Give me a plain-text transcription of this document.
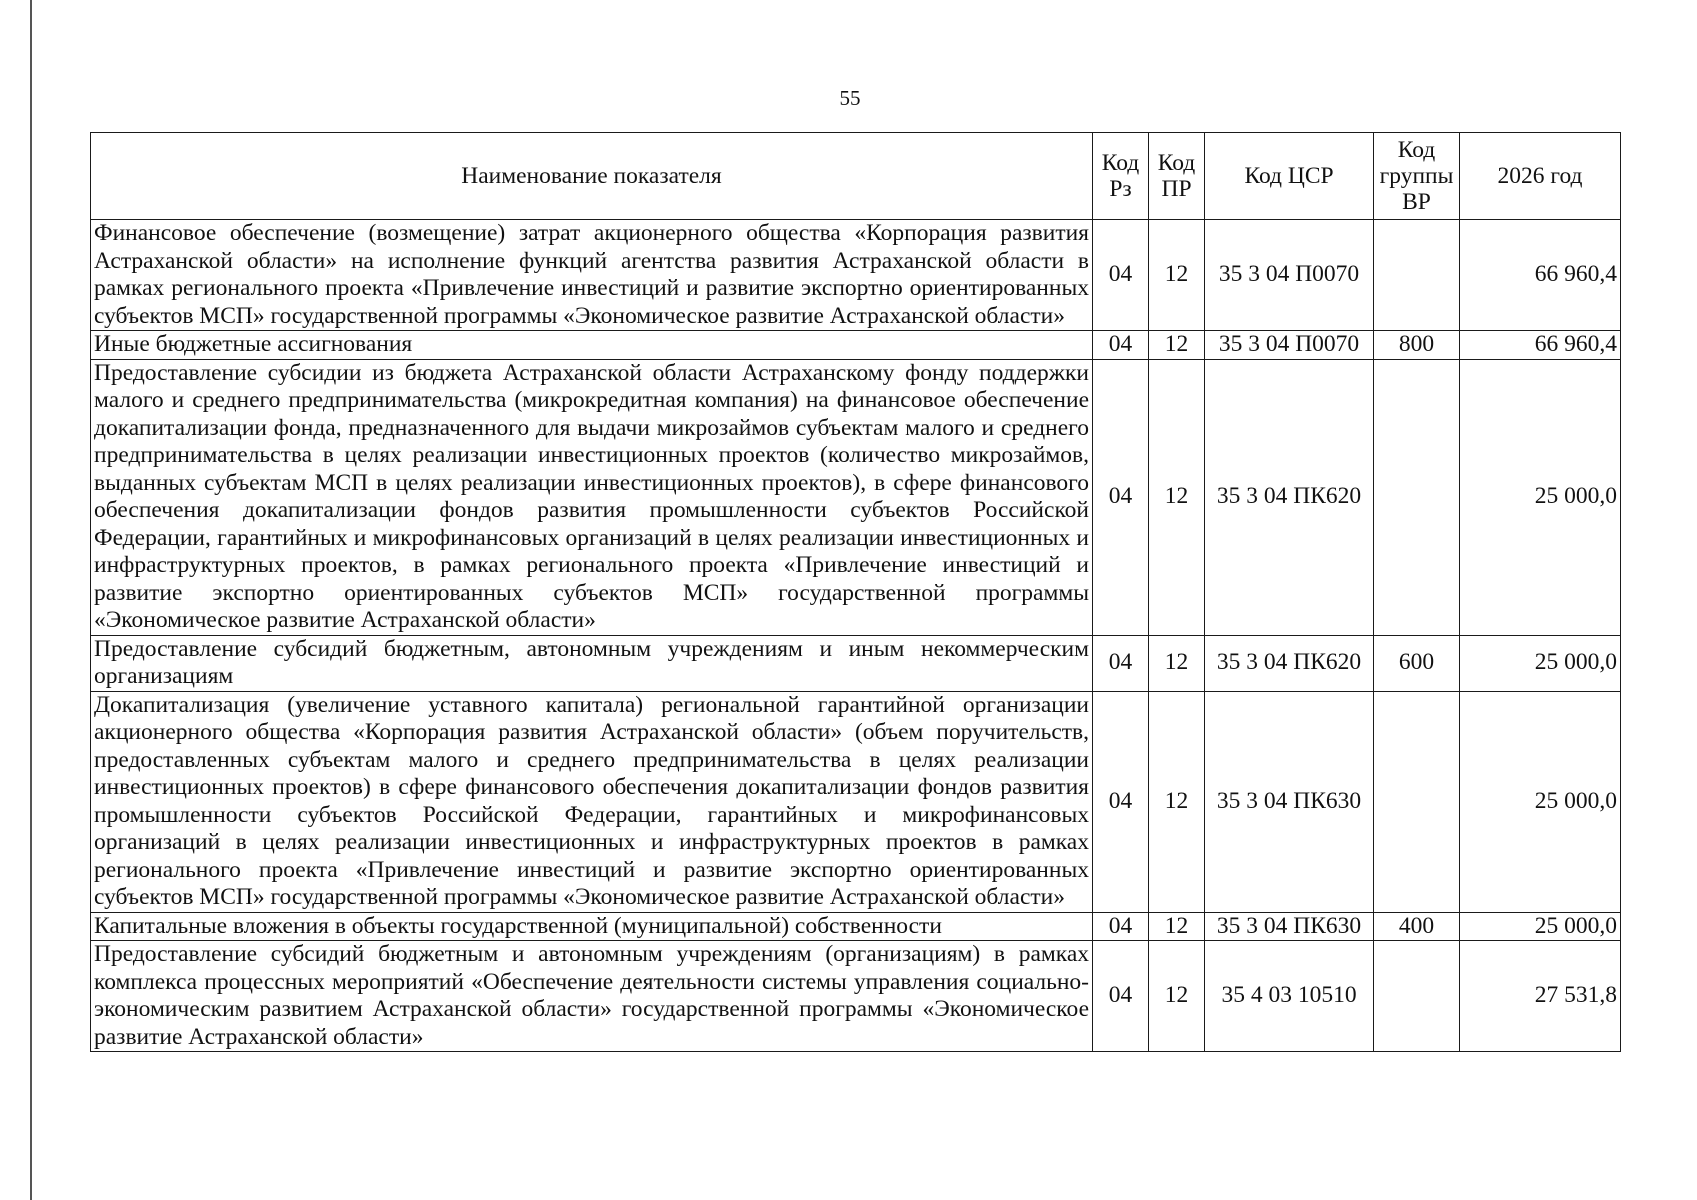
55
Наименование показателя	Код Рз	Код ПР	Код ЦСР	Код группы ВР	2026 год
Финансовое обеспечение (возмещение) затрат акционерного общества «Корпорация развития Астраханской области» на исполнение функций агентства развития Астраханской области в рамках регионального проекта «Привлечение инвестиций и развитие экспортно ориентированных субъектов МСП» государственной программы «Экономическое развитие Астраханской области»	04	12	35 3 04 П0070		66 960,4
Иные бюджетные ассигнования	04	12	35 3 04 П0070	800	66 960,4
Предоставление субсидии из бюджета Астраханской области Астраханскому фонду поддержки малого и среднего предпринимательства (микрокредитная компания) на финансовое обеспечение докапитализации фонда, предназначенного для выдачи микрозаймов субъектам малого и среднего предпринимательства в целях реализации инвестиционных проектов (количество микрозаймов, выданных субъектам МСП в целях реализации инвестиционных проектов), в сфере финансового обеспечения докапитализации фондов развития промышленности субъектов Российской Федерации, гарантийных и микрофинансовых организаций в целях реализации инвестиционных и инфраструктурных проектов, в рамках регионального проекта «Привлечение инвестиций и развитие экспортно ориентированных субъектов МСП» государственной программы «Экономическое развитие Астраханской области»	04	12	35 3 04 ПК620		25 000,0
Предоставление субсидий бюджетным, автономным учреждениям и иным некоммерческим организациям	04	12	35 3 04 ПК620	600	25 000,0
Докапитализация (увеличение уставного капитала) региональной гарантийной организации акционерного общества «Корпорация развития Астраханской области» (объем поручительств, предоставленных субъектам малого и среднего предпринимательства в целях реализации инвестиционных проектов) в сфере финансового обеспечения докапитализации фондов развития промышленности субъектов Российской Федерации, гарантийных и микрофинансовых организаций в целях реализации инвестиционных и инфраструктурных проектов в рамках регионального проекта «Привлечение инвестиций и развитие экспортно ориентированных субъектов МСП» государственной программы «Экономическое развитие Астраханской области»	04	12	35 3 04 ПК630		25 000,0
Капитальные вложения в объекты государственной (муниципальной) собственности	04	12	35 3 04 ПК630	400	25 000,0
Предоставление субсидий бюджетным и автономным учреждениям (организациям) в рамках комплекса процессных мероприятий «Обеспечение деятельности системы управления социально-экономическим развитием Астраханской области» государственной программы «Экономическое развитие Астраханской области»	04	12	35 4 03 10510		27 531,8
